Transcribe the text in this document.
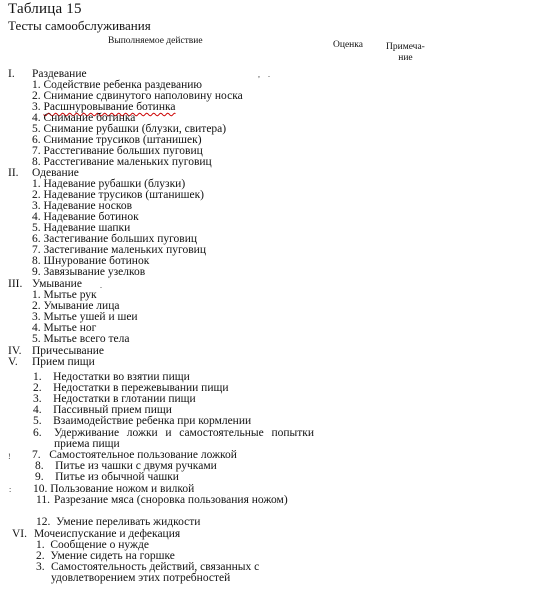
Таблица 15
Тесты самообслуживания
Выполняемое действие	Оценка Примеча-
ние
I. Раздевание	, .
1. Содействие ребенка раздеванию
2. Снимание сдвинутого наполовину носка
3. Расшнуровывание ботинка
4. Снимание ботинка
5. Снимание рубашки (блузки, свитера)
6. Снимание трусиков (штанишек)
7. Расстегивание больших пуговиц
8. Расстегивание маленьких пуговиц
II. Одевание
1. Надевание рубашки (блузки)
2. Надевание трусиков (штанишек)
3. Надевание носков
4. Надевание ботинок
5. Надевание шапки
6. Застегивание больших пуговиц
7. Застегивание маленьких пуговиц
8. Шнурование ботинок
9. Завязывание узелков
III. Умывание .
1. Мытье рук
2. Умывание лица
3. Мытье ушей и шеи
4. Мытье ног
5. Мытье всего тела
IV. Причесывание
V. Прием пищи
1.    Недостатки во взятии пищи
2.    Недостатки в пережевывании пищи
3.    Недостатки в глотании пищи
4.    Пассивный прием пищи
5.    Взаимодействие ребенка при кормлении
6. Удерживание ложки и самостоятельные попытки приема пищи
! 7.   Самостоятельное пользование ложкой
8.    Питье из чашки с двумя ручками
9.    Питье из обычной чашки
: 10. Пользование ножом и вилкой
11. Разрезание мяса (сноровка пользования ножом)
12.  Умение переливать жидкости
VI. Мочеиспускание и дефекация
1.  Сообщение о нужде
2.  Умение сидеть на горшке
3. Самостоятельность действий, связанных с удовлетворением этих потребностей
